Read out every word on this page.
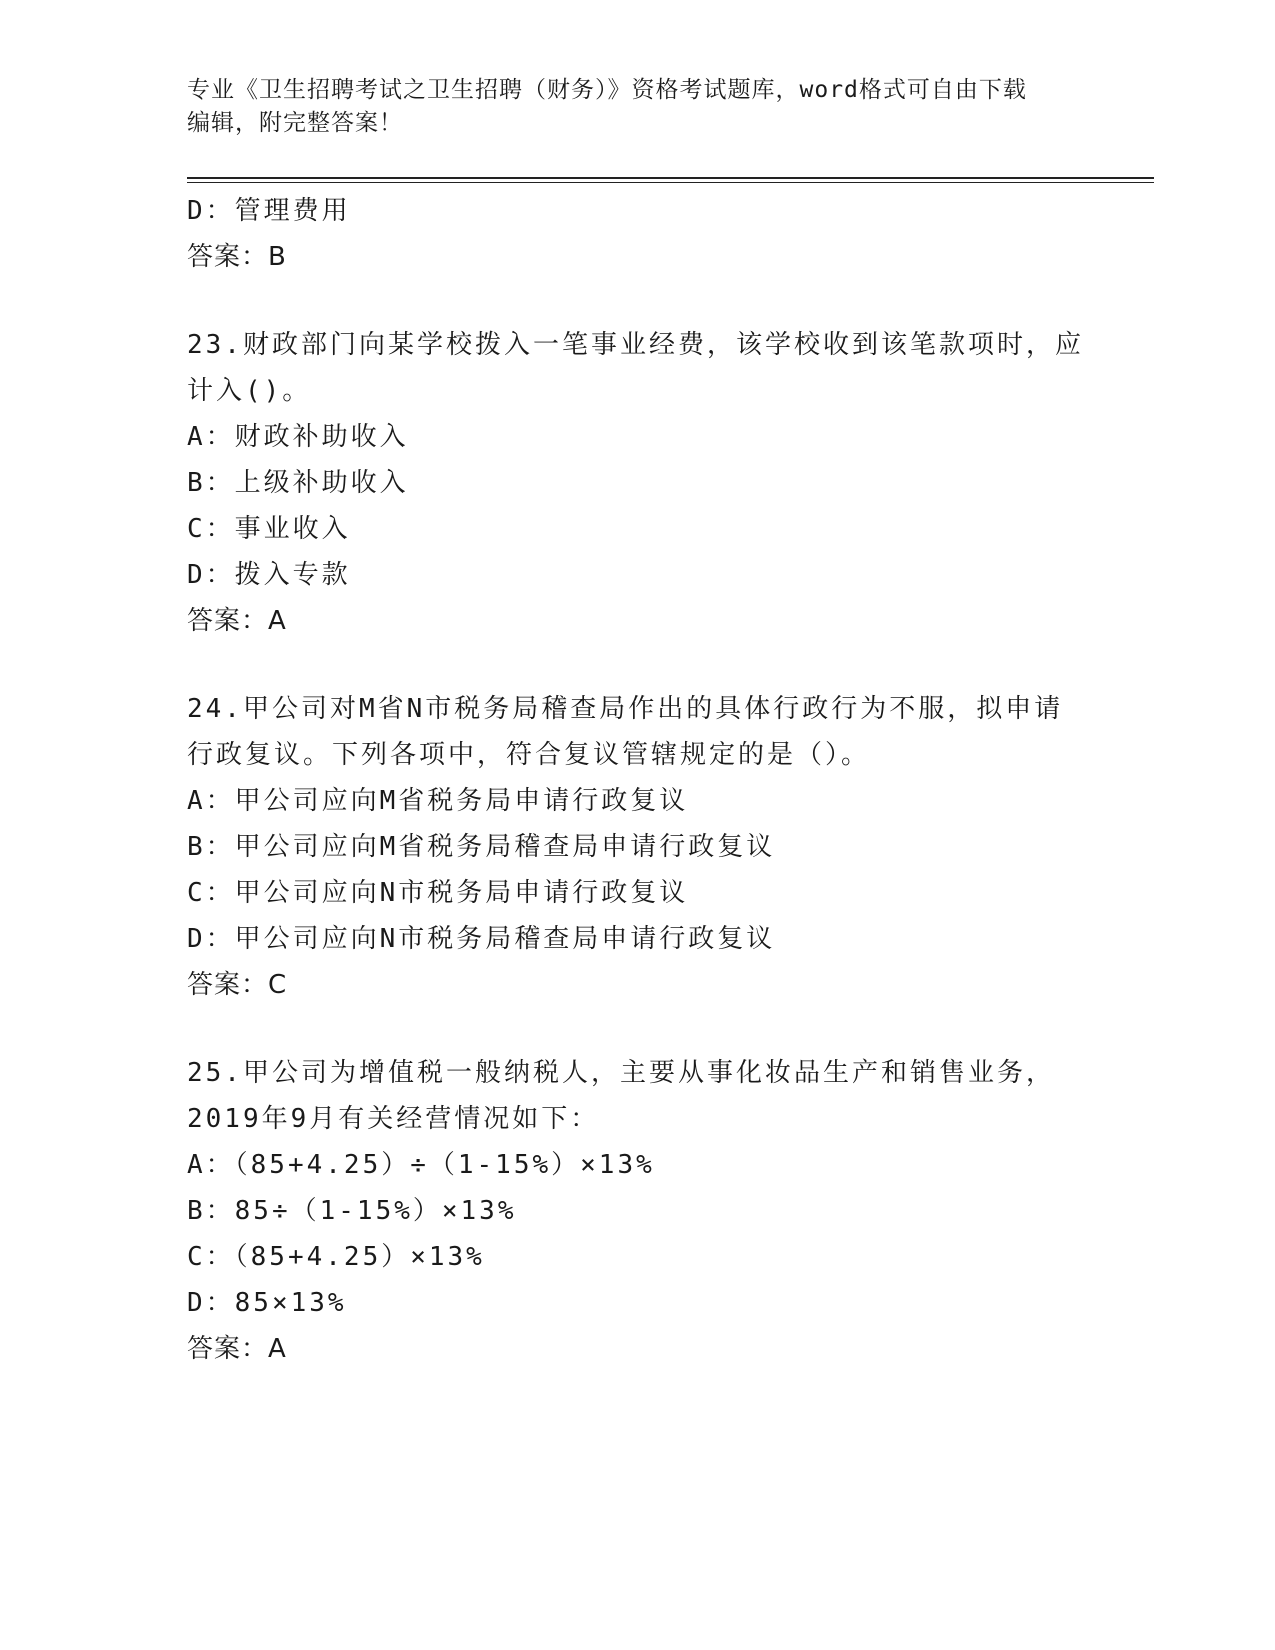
专业《卫生招聘考试之卫生招聘（财务）》资格考试题库，word格式可自由下载
编辑，附完整答案！
D：管理费用
答案：B
23.财政部门向某学校拨入一笔事业经费，该学校收到该笔款项时，应
计入()。
A：财政补助收入
B：上级补助收入
C：事业收入
D：拨入专款
答案：A
24.甲公司对M省N市税务局稽查局作出的具体行政行为不服，拟申请
行政复议。下列各项中，符合复议管辖规定的是（）。
A：甲公司应向M省税务局申请行政复议
B：甲公司应向M省税务局稽查局申请行政复议
C：甲公司应向N市税务局申请行政复议
D：甲公司应向N市税务局稽查局申请行政复议
答案：C
25.甲公司为增值税一般纳税人，主要从事化妆品生产和销售业务，
2019年9月有关经营情况如下：
A：（85+4.25）÷（1-15%）×13%
B：85÷（1-15%）×13%
C：（85+4.25）×13%
D：85×13%
答案：A
